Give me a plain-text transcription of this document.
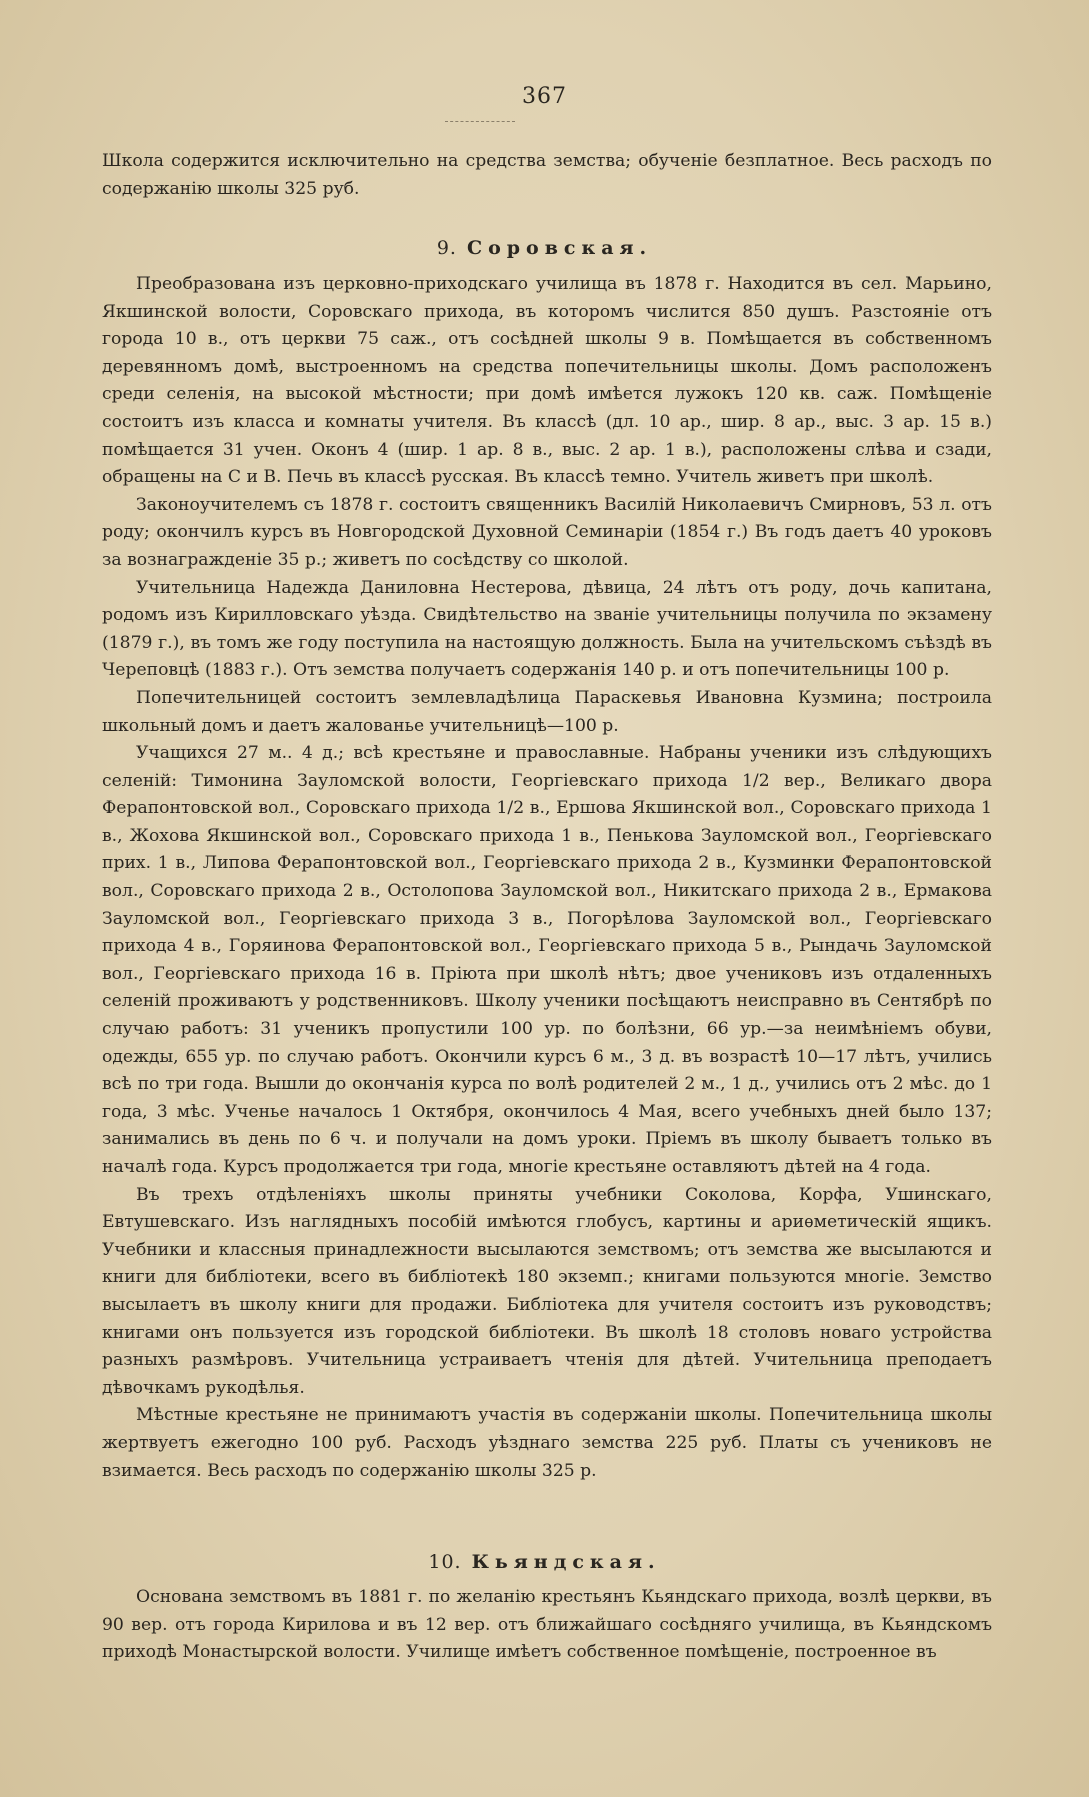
367

Школа содержится исключительно на средства земства; обученіе безплатное. Весь расходъ по содержанію школы 325 руб.

9. Соровская.

Преобразована изъ церковно-приходскаго училища въ 1878 г. Находится въ сел. Марьино, Якшинской волости, Соровскаго прихода, въ которомъ числится 850 душъ. Разстояніе отъ города 10 в., отъ церкви 75 саж., отъ сосѣдней школы 9 в. Помѣщается въ собственномъ деревянномъ домѣ, выстроенномъ на средства попечительницы школы. Домъ расположенъ среди селенія, на высокой мѣстности; при домѣ имѣется лужокъ 120 кв. саж. Помѣщеніе состоитъ изъ класса и комнаты учителя. Въ классѣ (дл. 10 ар., шир. 8 ар., выс. 3 ар. 15 в.) помѣщается 31 учен. Оконъ 4 (шир. 1 ар. 8 в., выс. 2 ар. 1 в.), расположены слѣва и сзади, обращены на С и В. Печь въ классѣ русская. Въ классѣ темно. Учитель живетъ при школѣ.

Законоучителемъ съ 1878 г. состоитъ священникъ Василій Николаевичъ Смирновъ, 53 л. отъ роду; окончилъ курсъ въ Новгородской Духовной Семинаріи (1854 г.) Въ годъ даетъ 40 уроковъ за вознагражденіе 35 р.; живетъ по сосѣдству со школой.

Учительница Надежда Даниловна Нестерова, дѣвица, 24 лѣтъ отъ роду, дочь капитана, родомъ изъ Кирилловскаго уѣзда. Свидѣтельство на званіе учительницы получила по экзамену (1879 г.), въ томъ же году поступила на настоящую должность. Была на учительскомъ съѣздѣ въ Череповцѣ (1883 г.). Отъ земства получаетъ содержанія 140 р. и отъ попечительницы 100 р.

Попечительницей состоитъ землевладѣлица Параскевья Ивановна Кузмина; построила школьный домъ и даетъ жалованье учительницѣ—100 р.

Учащихся 27 м.. 4 д.; всѣ крестьяне и православные. Набраны ученики изъ слѣдующихъ селеній: Тимонина Зауломской волости, Георгіевскаго прихода 1/2 вер., Великаго двора Ферапонтовской вол., Соровскаго прихода 1/2 в., Ершова Якшинской вол., Соровскаго прихода 1 в., Жохова Якшинской вол., Соровскаго прихода 1 в., Пенькова Зауломской вол., Георгіевскаго прих. 1 в., Липова Ферапонтовской вол., Георгіевскаго прихода 2 в., Кузминки Ферапонтовской вол., Соровскаго прихода 2 в., Остолопова Зауломской вол., Никитскаго прихода 2 в., Ермакова Зауломской вол., Георгіевскаго прихода 3 в., Погорѣлова Зауломской вол., Георгіевскаго прихода 4 в., Горяинова Ферапонтовской вол., Георгіевскаго прихода 5 в., Рындачь Зауломской вол., Георгіевскаго прихода 16 в. Пріюта при школѣ нѣтъ; двое учениковъ изъ отдаленныхъ селеній проживаютъ у родственниковъ. Школу ученики посѣщаютъ неисправно въ Сентябрѣ по случаю работъ: 31 ученикъ пропустили 100 ур. по болѣзни, 66 ур.—за неимѣніемъ обуви, одежды, 655 ур. по случаю работъ. Окончили курсъ 6 м., 3 д. въ возрастѣ 10—17 лѣтъ, учились всѣ по три года. Вышли до окончанія курса по волѣ родителей 2 м., 1 д., учились отъ 2 мѣс. до 1 года, 3 мѣс. Ученье началось 1 Октября, окончилось 4 Мая, всего учебныхъ дней было 137; занимались въ день по 6 ч. и получали на домъ уроки. Пріемъ въ школу бываетъ только въ началѣ года. Курсъ продолжается три года, многіе крестьяне оставляютъ дѣтей на 4 года.

Въ трехъ отдѣленіяхъ школы приняты учебники Соколова, Корфа, Ушинскаго, Евтушевскаго. Изъ наглядныхъ пособій имѣются глобусъ, картины и ариѳметическій ящикъ. Учебники и классныя принадлежности высылаются земствомъ; отъ земства же высылаются и книги для библіотеки, всего въ библіотекѣ 180 экземп.; книгами пользуются многіе. Земство высылаетъ въ школу книги для продажи. Библіотека для учителя состоитъ изъ руководствъ; книгами онъ пользуется изъ городской библіотеки. Въ школѣ 18 столовъ новаго устройства разныхъ размѣровъ. Учительница устраиваетъ чтенія для дѣтей. Учительница преподаетъ дѣвочкамъ рукодѣлья.

Мѣстные крестьяне не принимаютъ участія въ содержаніи школы. Попечительница школы жертвуетъ ежегодно 100 руб. Расходъ уѣзднаго земства 225 руб. Платы съ учениковъ не взимается. Весь расходъ по содержанію школы 325 р.

10. Кьяндская.

Основана земствомъ въ 1881 г. по желанію крестьянъ Кьяндскаго прихода, возлѣ церкви, въ 90 вер. отъ города Кирилова и въ 12 вер. отъ ближайшаго сосѣдняго училища, въ Кьяндскомъ приходѣ Монастырской волости. Училище имѣетъ собственное помѣщеніе, построенное въ
